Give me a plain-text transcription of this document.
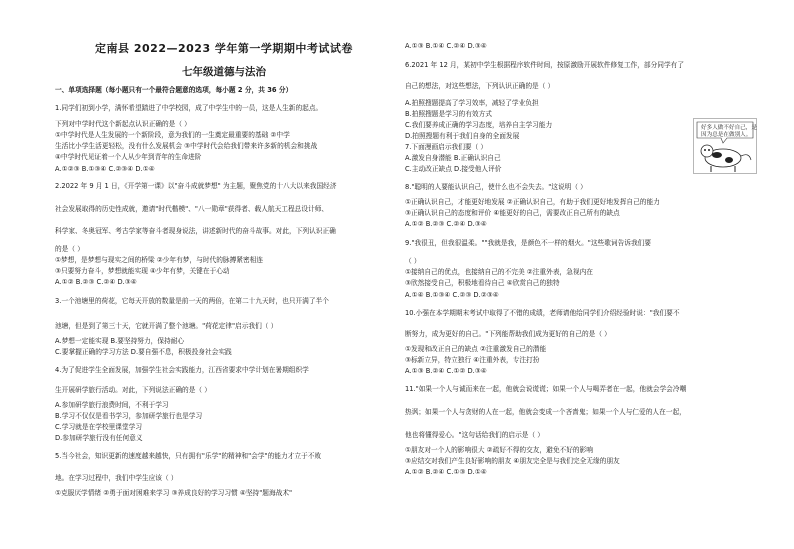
定南县 2022—2023 学年第一学期期中考试试卷
七年级道德与法治
一、单项选择题（每小题只有一个最符合题意的选项，每小题 2 分，共 36 分）
1.同学们初到小学，满怀希望踏进了中学校园，成了中学生中的一员，这是人生新的起点。
下列对中学时代这个新起点认识正确的是（ ）
①中学时代是人生发展的一个新阶段，意为我们的一生奠定最重要的基础 ②中学
生活比小学生活更轻松，没有什么发展机会 ③中学时代会给我们带来许多新的机会和挑战
④中学时代见证着一个人从少年到青年的生命进阶
A.①②③ B.①③④ C.②③④ D.①④
2.2022 年 9 月 1 日，《开学第一课》以"奋斗成就梦想" 为主题，聚焦党的十八大以来我国经济
社会发展取得的历史性成就，邀请"时代楷模"、"八一勋章"获得者、载人航天工程总设计师、
科学家、冬奥冠军、考古学家等奋斗者现身说法，讲述新时代的奋斗故事。对此，下列认识正确
的是（ ）
①梦想，是梦想与现实之间的桥梁 ②少年有梦，与时代的脉搏紧密相连
③只要努力奋斗，梦想就能实现 ④少年有梦，关键在于心动
A.①② B.②③ C.②④ D.③④
3.一个池塘里的荷花，它每天开放的数量是前一天的两倍，在第二十九天时，也只开满了半个
池塘，但是到了第三十天，它就开满了整个池塘。"荷花定律"启示我们（ ）
A.梦想一定能实现 B.要坚持努力，保持耐心
C.要掌握正确的学习方法 D.要自强不息，积极投身社会实践
4.为了促进学生全面发展，加强学生社会实践能力，江西省要求中学计划在暑期组织学
生开展研学旅行活动。对此，下列说法正确的是（ ）
A.参加研学旅行浪费时间，不利于学习
B.学习不仅仅是看书学习，参加研学旅行也是学习
C.学习就是在学校里课堂学习
D.参加研学旅行没有任何意义
5.当今社会，知识更新的速度越来越快，只有拥有"乐学"的精神和"会学"的能力才立于不败
地。在学习过程中，我们中学生应该（ ）
①克服厌学情绪 ②勇于面对困难来学习 ③养成良好的学习习惯 ④坚持"题海战术"
好多人做不好自己，是
因为总是在做别人。
A.①③ B.①④ C.②④ D.③④
6.2021 年 12 月，某初中学生根据程序软件时间，按原激励开展软件修复工作，部分同学有了
自己的想法，对这些想法，下列认识正确的是（ ）
A.拍照搜题提高了学习效率，减轻了学业负担
B.拍照搜题是学习的有效方式
C.我们要养成正确的学习态度，培养自主学习能力
D.拍照搜题有利于我们自身的全面发展
7.下面漫画启示我们要（ ）
A.激发自身潜能 B.正确认识自己
C.主动改正缺点 D.接受他人评价
8."聪明的人要能认识自己，使什么也不会失去。"这说明（ ）
①正确认识自己，才能更好地发展 ②正确认识自己，有助于我们更好地发挥自己的能力
③正确认识自己的态度和评价 ④能更好的自己，需要改正自己所有的缺点
A.①② B.②③ C.②④ D.③④
9."我很丑，但我很温柔。""我就是我，是颜色不一样的烟火。"这些歌词告诉我们要
（ ）
①接纳自己的优点，也接纳自己的不完美 ②注重外表，急视内在
③欣然接受自己，积极地看待自己 ④欣赏自己的独特
A.①④ B.①③④ C.②③ D.②③④
10.小强在本学期期末考试中取得了不错的成绩，老师请他给同学们介绍经验时说："我们要不
断努力，成为更好的自己。"下列能帮助我们成为更好的自己的是（ ）
①发现和改正自己的缺点 ②注重激发自己的潜能
③标新立异，特立独行 ④注重外表，专注打扮
A.①③ B.②④ C.①② D.③④
11."如果一个人与诚而来在一起，他就会说谎谎；如果一个人与喝弄者在一起，他就会学会冷嘲
热讽；如果一个人与贪财的人在一起，他就会变成一个吝啬鬼；如果一个人与仁爱的人在一起，
他也将懂得爱心。"这句话给我们的启示是（ ）
①朋友对一个人的影响很大 ②疏好不得的交友，避免不好的影响
③应结交对我们产生良好影响的朋友 ④朋友完全是与我们完全无缘的朋友
A.①② B.②④ C.①③ D.①④
